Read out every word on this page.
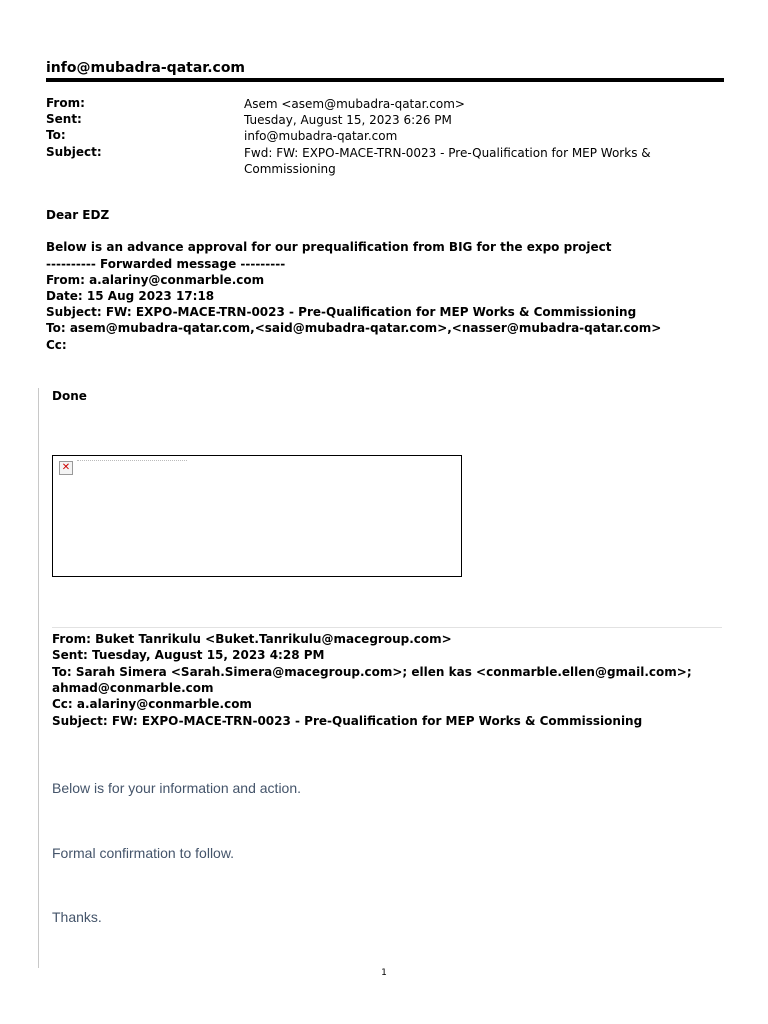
info@mubadra-qatar.com
From:	Asem <asem@mubadra-qatar.com>
Sent:	Tuesday, August 15, 2023 6:26 PM
To:	info@mubadra-qatar.com
Subject:	Fwd: FW: EXPO-MACE-TRN-0023 - Pre-Qualification for MEP Works & Commissioning
Dear EDZ
Below is an advance approval for our prequalification from BIG for the expo project
---------- Forwarded message ---------
From: a.alariny@conmarble.com
Date: 15 Aug 2023 17:18
Subject: FW: EXPO-MACE-TRN-0023 - Pre-Qualification for MEP Works & Commissioning
To: asem@mubadra-qatar.com,<said@mubadra-qatar.com>,<nasser@mubadra-qatar.com>
Cc:
Done
✕
From: Buket Tanrikulu <Buket.Tanrikulu@macegroup.com>
Sent: Tuesday, August 15, 2023 4:28 PM
To: Sarah Simera <Sarah.Simera@macegroup.com>; ellen kas <conmarble.ellen@gmail.com>;
ahmad@conmarble.com
Cc: a.alariny@conmarble.com
Subject: FW: EXPO-MACE-TRN-0023 - Pre-Qualification for MEP Works & Commissioning
Below is for your information and action.
Formal confirmation to follow.
Thanks.
1
